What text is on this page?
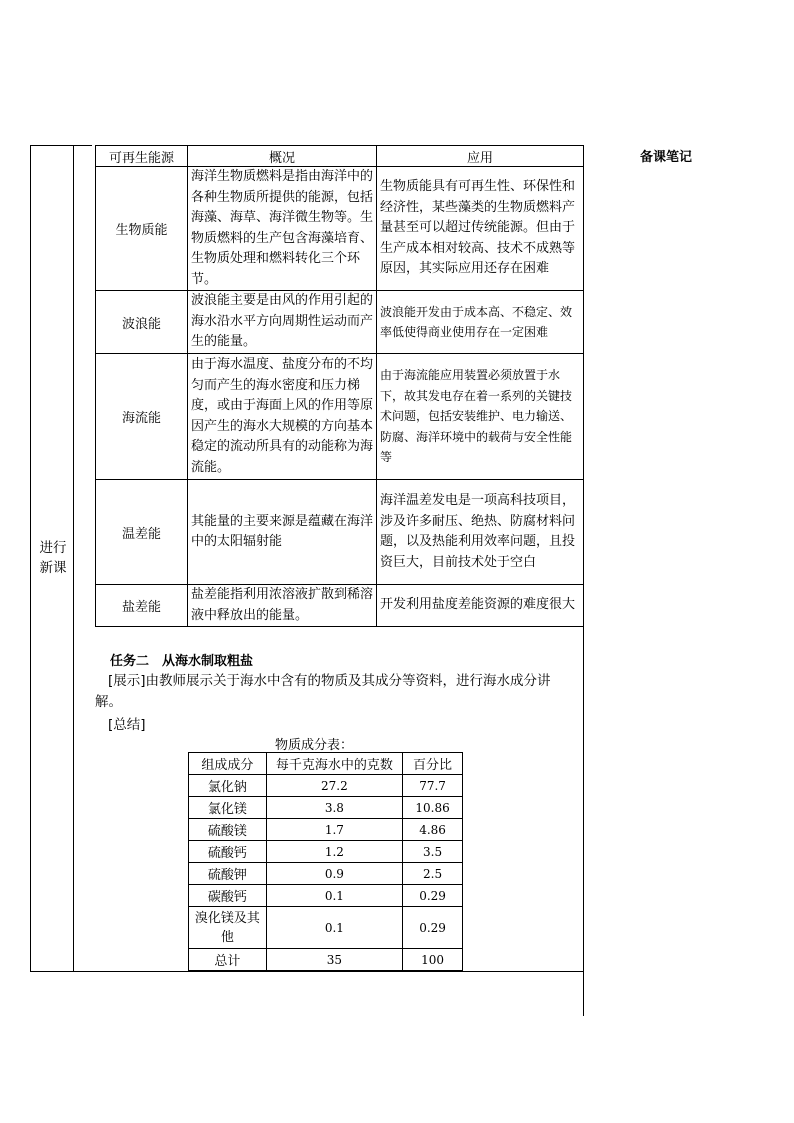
备课笔记
进行新课
可再生能源	概况	应用
生物质能	海洋生物质燃料是指由海洋中的各种生物质所提供的能源，包括海藻、海草、海洋微生物等。生物质燃料的生产包含海藻培育、生物质处理和燃料转化三个环节。	生物质能具有可再生性、环保性和经济性，某些藻类的生物质燃料产量甚至可以超过传统能源。但由于生产成本相对较高、技术不成熟等原因，其实际应用还存在困难
波浪能	波浪能主要是由风的作用引起的海水沿水平方向周期性运动而产生的能量。	波浪能开发由于成本高、不稳定、效率低使得商业使用存在一定困难
海流能	由于海水温度、盐度分布的不均匀而产生的海水密度和压力梯度，或由于海面上风的作用等原因产生的海水大规模的方向基本稳定的流动所具有的动能称为海流能。	由于海流能应用装置必须放置于水下，故其发电存在着一系列的关键技术问题，包括安装维护、电力输送、防腐、海洋环境中的载荷与安全性能等
温差能	其能量的主要来源是蕴藏在海洋中的太阳辐射能	海洋温差发电是一项高科技项目，涉及许多耐压、绝热、防腐材料问题，以及热能利用效率问题，且投资巨大，目前技术处于空白
盐差能	盐差能指利用浓溶液扩散到稀溶液中释放出的能量。	开发利用盐度差能资源的难度很大
任务二　从海水制取粗盐
[展示]由教师展示关于海水中含有的物质及其成分等资料，进行海水成分讲
解。
[总结]
物质成分表：
组成成分	每千克海水中的克数	百分比
氯化钠	27.2	77.7
氯化镁	3.8	10.86
硫酸镁	1.7	4.86
硫酸钙	1.2	3.5
硫酸钾	0.9	2.5
碳酸钙	0.1	0.29
溴化镁及其他	0.1	0.29
总计	35	100
